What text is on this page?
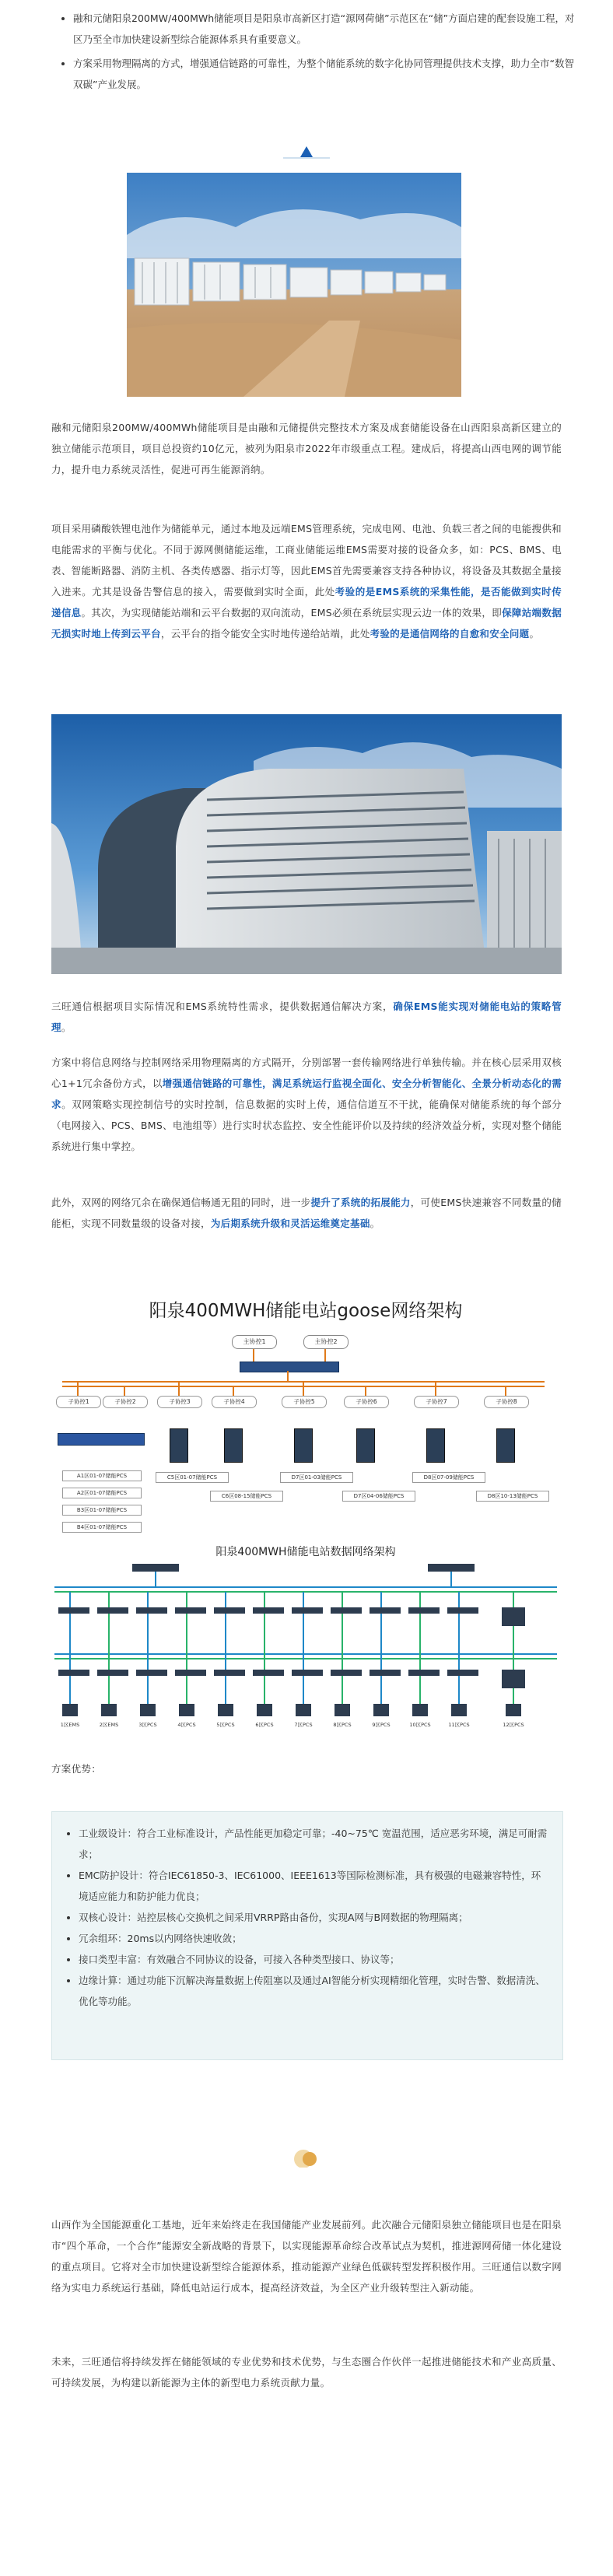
• 融和元储阳泉200MW/400MWh储能项目是阳泉市高新区打造“源网荷储”示范区在“储”方面启建的配套设施工程，对区乃至全市加快建设新型综合能源体系具有重要意义。
• 方案采用物理隔离的方式，增强通信链路的可靠性，为整个储能系统的数字化协同管理提供技术支撑，助力全市“数智双碳”产业发展。

融和元储阳泉200MW/400MWh储能项目是由融和元储提供完整技术方案及成套储能设备在山西阳泉高新区建立的独立储能示范项目，项目总投资约10亿元，被列为阳泉市2022年市级重点工程。建成后，将提高山西电网的调节能力，提升电力系统灵活性，促进可再生能源消纳。

项目采用磷酸铁锂电池作为储能单元，通过本地及远端EMS管理系统，完成电网、电池、负载三者之间的电能搜供和电能需求的平衡与优化。不同于源网侧储能运维，工商业储能运维EMS需要对接的设备众多，如：PCS、BMS、电表、智能断路器、消防主机、各类传感器、指示灯等，因此EMS首先需要兼容支持各种协议，将设备及其数据全量接入进来。尤其是设备告警信息的接入，需要做到实时全面，此处考验的是EMS系统的采集性能，是否能做到实时传递信息。其次，为实现储能站端和云平台数据的双向流动，EMS必须在系统层实现云边一体的效果，即保障站端数据无损实时地上传到云平台，云平台的指令能安全实时地传递给站端，此处考验的是通信网络的自愈和安全问题。

三旺通信根据项目实际情况和EMS系统特性需求，提供数据通信解决方案，确保EMS能实现对储能电站的策略管理。

方案中将信息网络与控制网络采用物理隔离的方式隔开，分别部署一套传输网络进行单独传输。并在核心层采用双核心1+1冗余备份方式，以增强通信链路的可靠性，满足系统运行监视全面化、安全分析智能化、全景分析动态化的需求。双网策略实现控制信号的实时控制，信息数据的实时上传，通信信道互不干扰，能确保对储能系统的每个部分（电网接入、PCS、BMS、电池组等）进行实时状态监控、安全性能评价以及持续的经济效益分析，实现对整个储能系统进行集中掌控。

此外，双网的网络冗余在确保通信畅通无阻的同时，进一步提升了系统的拓展能力，可使EMS快速兼容不同数量的储能柜，实现不同数量级的设备对接，为后期系统升级和灵活运维奠定基础。

阳泉400MWH储能电站goose网络架构
主协控1	主协控2
子协控1	子协控2	子协控3	子协控4	子协控5	子协控6	子协控7	子协控8
A1区01-07储能PCS
A2区01-07储能PCS
B3区01-07储能PCS
B4区01-07储能PCS
C5区01-07储能PCS
C6区08-15储能PCS
D7区01-03储能PCS
D7区04-06储能PCS
D8区07-09储能PCS
D8区10-13储能PCS
阳泉400MWH储能电站数据网络架构
1区EMS	2区EMS	3区PCS	4区PCS	5区PCS	6区PCS	7区PCS	8区PCS	9区PCS	10区PCS	11区PCS	12区PCS
方案优势：
• 工业级设计：符合工业标准设计，产品性能更加稳定可靠；-40~75℃ 宽温范围，适应恶劣环境，满足可耐需求；
• EMC防护设计：符合IEC61850-3、IEC61000、IEEE1613等国际检测标准，具有极强的电磁兼容特性，环境适应能力和防护能力优良；
• 双核心设计：站控层核心交换机之间采用VRRP路由备份，实现A网与B网数据的物理隔离；
• 冗余组环：20ms以内网络快速收敛；
• 接口类型丰富：有效融合不同协议的设备，可接入各种类型接口、协议等；
• 边缘计算：通过功能下沉解决海量数据上传阻塞以及通过AI智能分析实现精细化管理，实时告警、数据清洗、优化等功能。

山西作为全国能源重化工基地，近年来始终走在我国储能产业发展前列。此次融合元储阳泉独立储能项目也是在阳泉市“四个革命，一个合作”能源安全新战略的背景下，以实现能源革命综合改革试点为契机，推进源网荷储一体化建设的重点项目。它将对全市加快建设新型综合能源体系，推动能源产业绿色低碳转型发挥积极作用。三旺通信以数字网络为实电力系统运行基础，降低电站运行成本，提高经济效益，为全区产业升级转型注入新动能。

未来，三旺通信将持续发挥在储能领域的专业优势和技术优势，与生态圈合作伙伴一起推进储能技术和产业高质量、可持续发展，为构建以新能源为主体的新型电力系统贡献力量。
